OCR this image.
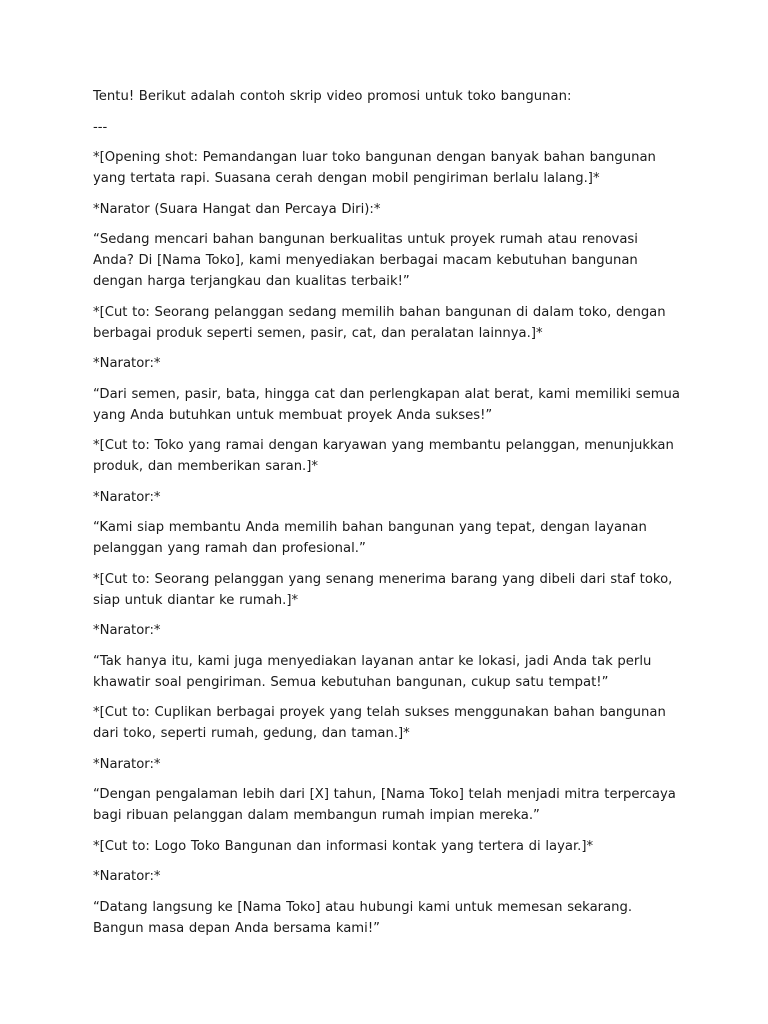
Tentu! Berikut adalah contoh skrip video promosi untuk toko bangunan:

---

*[Opening shot: Pemandangan luar toko bangunan dengan banyak bahan bangunan yang tertata rapi. Suasana cerah dengan mobil pengiriman berlalu lalang.]*

*Narator (Suara Hangat dan Percaya Diri):*

“Sedang mencari bahan bangunan berkualitas untuk proyek rumah atau renovasi Anda? Di [Nama Toko], kami menyediakan berbagai macam kebutuhan bangunan dengan harga terjangkau dan kualitas terbaik!”

*[Cut to: Seorang pelanggan sedang memilih bahan bangunan di dalam toko, dengan berbagai produk seperti semen, pasir, cat, dan peralatan lainnya.]*

*Narator:*

“Dari semen, pasir, bata, hingga cat dan perlengkapan alat berat, kami memiliki semua yang Anda butuhkan untuk membuat proyek Anda sukses!”

*[Cut to: Toko yang ramai dengan karyawan yang membantu pelanggan, menunjukkan produk, dan memberikan saran.]*

*Narator:*

“Kami siap membantu Anda memilih bahan bangunan yang tepat, dengan layanan pelanggan yang ramah dan profesional.”

*[Cut to: Seorang pelanggan yang senang menerima barang yang dibeli dari staf toko, siap untuk diantar ke rumah.]*

*Narator:*

“Tak hanya itu, kami juga menyediakan layanan antar ke lokasi, jadi Anda tak perlu khawatir soal pengiriman. Semua kebutuhan bangunan, cukup satu tempat!”

*[Cut to: Cuplikan berbagai proyek yang telah sukses menggunakan bahan bangunan dari toko, seperti rumah, gedung, dan taman.]*

*Narator:*

“Dengan pengalaman lebih dari [X] tahun, [Nama Toko] telah menjadi mitra terpercaya bagi ribuan pelanggan dalam membangun rumah impian mereka.”

*[Cut to: Logo Toko Bangunan dan informasi kontak yang tertera di layar.]*

*Narator:*

“Datang langsung ke [Nama Toko] atau hubungi kami untuk memesan sekarang. Bangun masa depan Anda bersama kami!”
